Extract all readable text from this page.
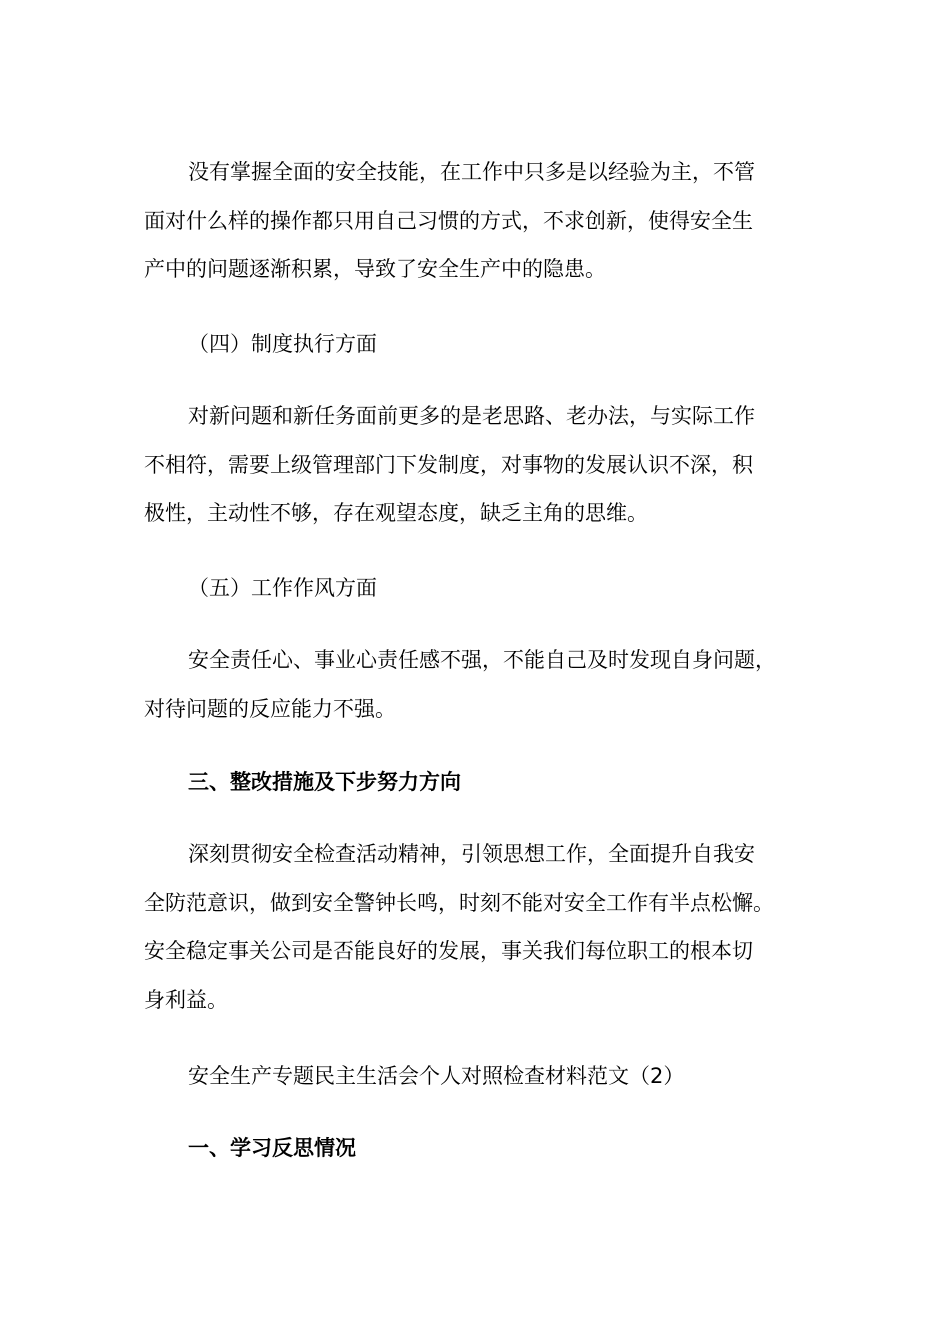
没有掌握全面的安全技能，在工作中只多是以经验为主，不管
面对什么样的操作都只用自己习惯的方式，不求创新，使得安全生
产中的问题逐渐积累，导致了安全生产中的隐患。

（四）制度执行方面

对新问题和新任务面前更多的是老思路、老办法，与实际工作
不相符，需要上级管理部门下发制度，对事物的发展认识不深，积
极性，主动性不够，存在观望态度，缺乏主角的思维。

（五）工作作风方面

安全责任心、事业心责任感不强，不能自己及时发现自身问题，
对待问题的反应能力不强。

三、整改措施及下步努力方向

深刻贯彻安全检查活动精神，引领思想工作，全面提升自我安
全防范意识，做到安全警钟长鸣，时刻不能对安全工作有半点松懈。
安全稳定事关公司是否能良好的发展，事关我们每位职工的根本切
身利益。

安全生产专题民主生活会个人对照检查材料范文（2）

一、学习反思情况
